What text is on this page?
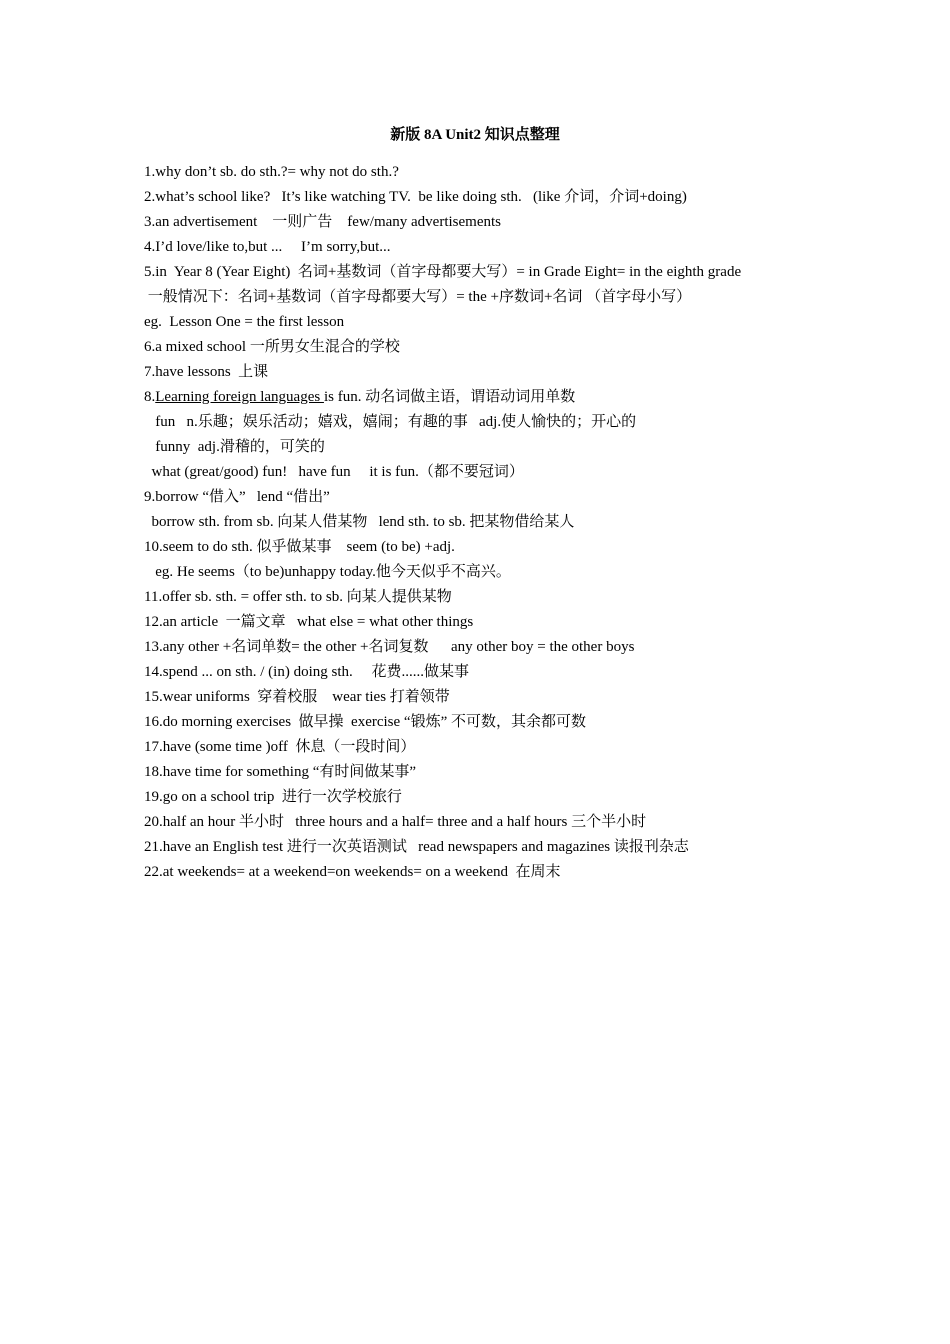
新版 8A Unit2 知识点整理
1.why don’t sb. do sth.?= why not do sth.?
2.what’s school like?   It’s like watching TV.  be like doing sth.   (like 介词，介词+doing)
3.an advertisement    一则广告    few/many advertisements
4.I’d love/like to,but ...     I’m sorry,but...
5.in  Year 8 (Year Eight)  名词+基数词（首字母都要大写）= in Grade Eight= in the eighth grade
一般情况下：名词+基数词（首字母都要大写）= the +序数词+名词 （首字母小写）
eg.  Lesson One = the first lesson
6.a mixed school 一所男女生混合的学校
7.have lessons  上课
8.Learning foreign languages is fun. 动名词做主语，谓语动词用单数
fun   n.乐趣；娱乐活动；嬉戏，嬉闹；有趣的事   adj.使人愉快的；开心的
funny  adj.滑稽的，可笑的
what (great/good) fun!   have fun     it is fun.（都不要冠词）
9.borrow “借入”   lend “借出”
borrow sth. from sb. 向某人借某物   lend sth. to sb. 把某物借给某人
10.seem to do sth. 似乎做某事    seem (to be) +adj.
eg. He seems（to be)unhappy today.他今天似乎不高兴。
11.offer sb. sth. = offer sth. to sb. 向某人提供某物
12.an article  一篇文章   what else = what other things
13.any other +名词单数= the other +名词复数      any other boy = the other boys
14.spend ... on sth. / (in) doing sth.     花费......做某事
15.wear uniforms  穿着校服    wear ties 打着领带
16.do morning exercises  做早操  exercise “锻炼” 不可数，其余都可数
17.have (some time )off  休息（一段时间）
18.have time for something “有时间做某事”
19.go on a school trip  进行一次学校旅行
20.half an hour 半小时   three hours and a half= three and a half hours 三个半小时
21.have an English test 进行一次英语测试   read newspapers and magazines 读报刊杂志
22.at weekends= at a weekend=on weekends= on a weekend  在周末
